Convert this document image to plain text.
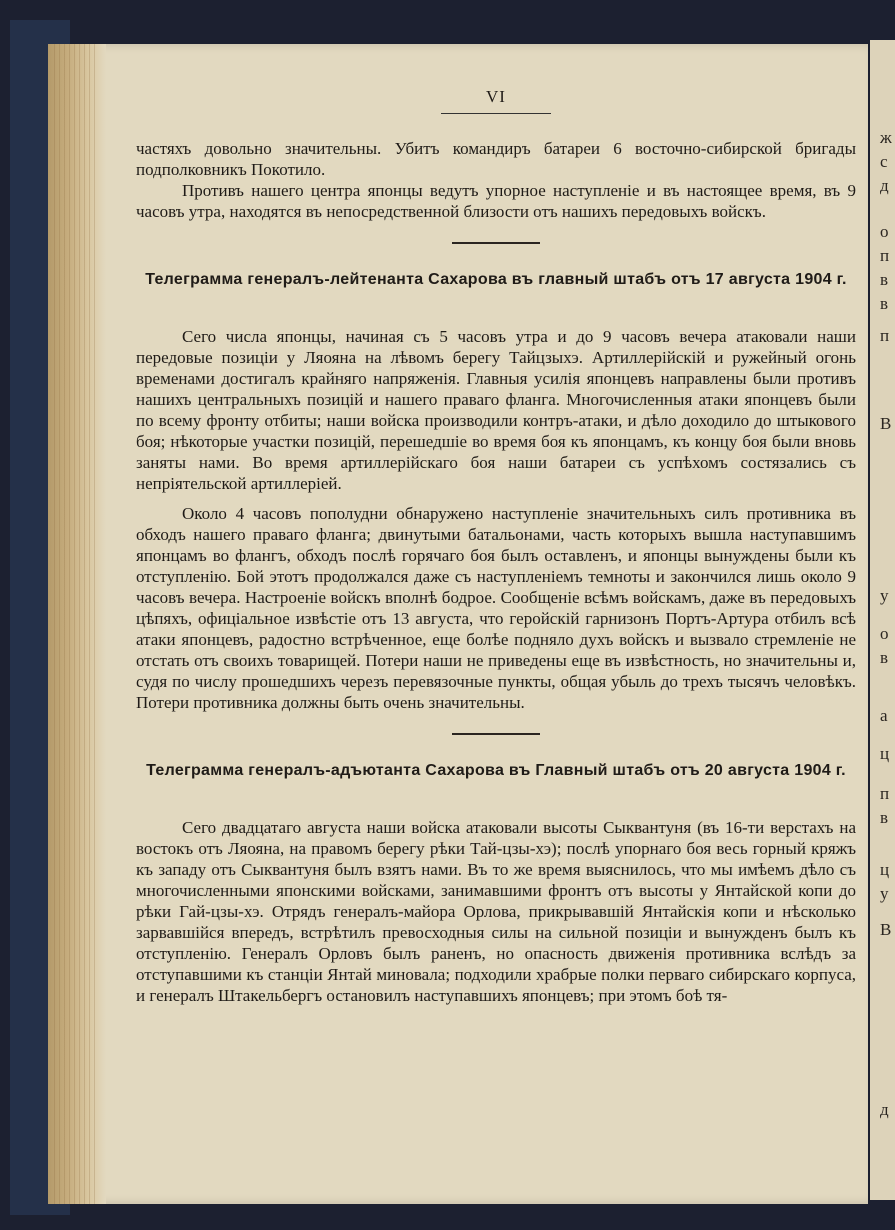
ж
с
д
о
п
в
в
п
В
у
о
в
а
ц
п
в
ц
у
В
д
VI

частяхъ довольно значительны. Убитъ командиръ батареи 6 восточно-сибирской бригады подполковникъ Покотило.

Противъ нашего центра японцы ведутъ упорное наступленіе и въ настоящее время, въ 9 часовъ утра, находятся въ непосредственной близости отъ нашихъ передовыхъ войскъ.

Телеграмма генералъ-лейтенанта Сахарова въ главный штабъ отъ 17 августа 1904 г.

Сего числа японцы, начиная съ 5 часовъ утра и до 9 часовъ вечера атаковали наши передовые позиціи у Ляояна на лѣвомъ берегу Тайцзыхэ. Артиллерійскій и ружейный огонь временами достигалъ крайняго напряженія. Главныя усилія японцевъ направлены были противъ нашихъ центральныхъ позицій и нашего праваго фланга. Многочисленныя атаки японцевъ были по всему фронту отбиты; наши войска производили контръ-атаки, и дѣло доходило до штыкового боя; нѣкоторые участки позицій, перешедшіе во время боя къ японцамъ, къ концу боя были вновь заняты нами. Во время артиллерійскаго боя наши батареи съ успѣхомъ состязались съ непріятельской артиллеріей.

Около 4 часовъ пополудни обнаружено наступленіе значительныхъ силъ противника въ обходъ нашего праваго фланга; двинутыми батальонами, часть которыхъ вышла наступавшимъ японцамъ во флангъ, обходъ послѣ горячаго боя былъ оставленъ, и японцы вынуждены были къ отступленію. Бой этотъ продолжался даже съ наступленіемъ темноты и закончился лишь около 9 часовъ вечера. Настроеніе войскъ вполнѣ бодрое. Сообщеніе всѣмъ войскамъ, даже въ передовыхъ цѣпяхъ, офиціальное извѣстіе отъ 13 августа, что геройскій гарнизонъ Портъ-Артура отбилъ всѣ атаки японцевъ, радостно встрѣченное, еще болѣе подняло духъ войскъ и вызвало стремленіе не отстать отъ своихъ товарищей. Потери наши не приведены еще въ извѣстность, но значительны и, судя по числу прошедшихъ черезъ перевязочные пункты, общая убыль до трехъ тысячъ человѣкъ. Потери противника должны быть очень значительны.

Телеграмма генералъ-адъютанта Сахарова въ Главный штабъ отъ 20 августа 1904 г.

Сего двадцатаго августа наши войска атаковали высоты Сыквантуня (въ 16-ти верстахъ на востокъ отъ Ляояна, на правомъ берегу рѣки Тай-цзы-хэ); послѣ упорнаго боя весь горный кряжъ къ западу отъ Сыквантуня былъ взятъ нами. Въ то же время выяснилось, что мы имѣемъ дѣло съ многочисленными японскими войсками, занимавшими фронтъ отъ высоты у Янтайской копи до рѣки Гай-цзы-хэ. Отрядъ генералъ-майора Орлова, прикрывавшій Янтайскія копи и нѣсколько зарвавшійся впередъ, встрѣтилъ превосходныя силы на сильной позиціи и вынужденъ былъ къ отступленію. Генералъ Орловъ былъ раненъ, но опасность движенія противника вслѣдъ за отступавшими къ станціи Янтай миновала; подходили храбрые полки перваго сибирскаго корпуса, и генералъ Штакельбергъ остановилъ наступавшихъ японцевъ; при этомъ боѣ тя-
